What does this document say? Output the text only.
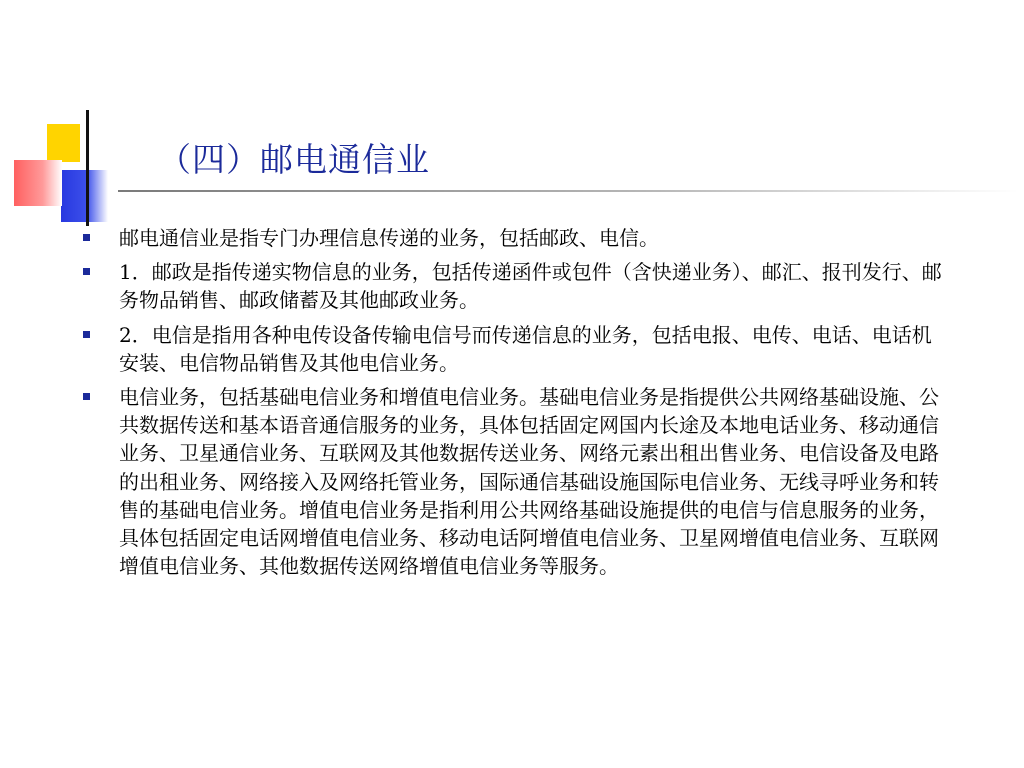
（四）邮电通信业
邮电通信业是指专门办理信息传递的业务，包括邮政、电信。
1．邮政是指传递实物信息的业务，包括传递函件或包件（含快递业务）、邮汇、报刊发行、邮务物品销售、邮政储蓄及其他邮政业务。
2．电信是指用各种电传设备传输电信号而传递信息的业务，包括电报、电传、电话、电话机安装、电信物品销售及其他电信业务。
电信业务，包括基础电信业务和增值电信业务。基础电信业务是指提供公共网络基础设施、公共数据传送和基本语音通信服务的业务，具体包括固定网国内长途及本地电话业务、移动通信业务、卫星通信业务、互联网及其他数据传送业务、网络元素出租出售业务、电信设备及电路的出租业务、网络接入及网络托管业务，国际通信基础设施国际电信业务、无线寻呼业务和转售的基础电信业务。增值电信业务是指利用公共网络基础设施提供的电信与信息服务的业务，具体包括固定电话网增值电信业务、移动电话阿增值电信业务、卫星网增值电信业务、互联网增值电信业务、其他数据传送网络增值电信业务等服务。
